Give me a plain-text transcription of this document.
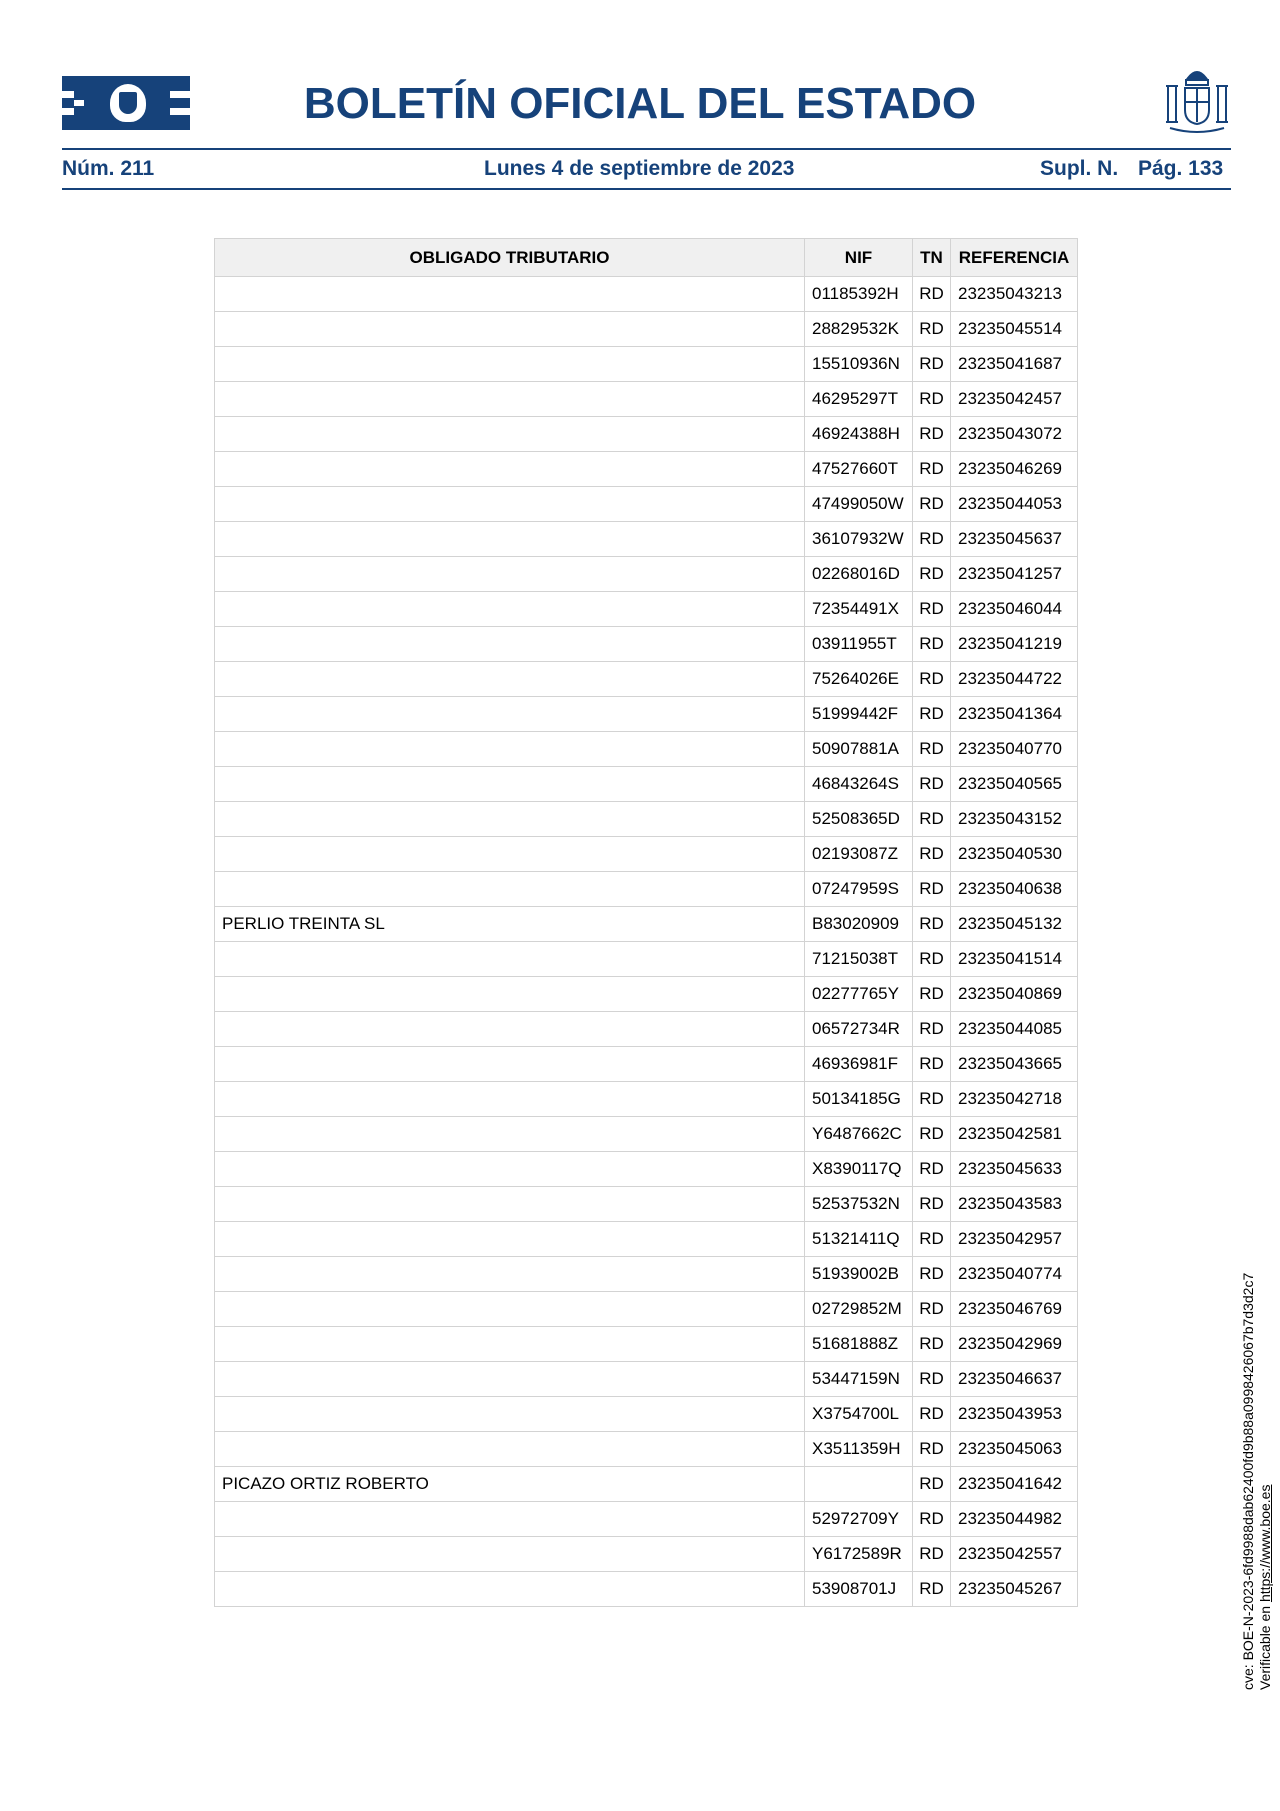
BOLETÍN OFICIAL DEL ESTADO
Núm. 211	Lunes 4 de septiembre de 2023	Supl. N. Pág. 133
OBLIGADO TRIBUTARIO	NIF	TN	REFERENCIA
	01185392H	RD	23235043213
	28829532K	RD	23235045514
	15510936N	RD	23235041687
	46295297T	RD	23235042457
	46924388H	RD	23235043072
	47527660T	RD	23235046269
	47499050W	RD	23235044053
	36107932W	RD	23235045637
	02268016D	RD	23235041257
	72354491X	RD	23235046044
	03911955T	RD	23235041219
	75264026E	RD	23235044722
	51999442F	RD	23235041364
	50907881A	RD	23235040770
	46843264S	RD	23235040565
	52508365D	RD	23235043152
	02193087Z	RD	23235040530
	07247959S	RD	23235040638
PERLIO TREINTA SL	B83020909	RD	23235045132
	71215038T	RD	23235041514
	02277765Y	RD	23235040869
	06572734R	RD	23235044085
	46936981F	RD	23235043665
	50134185G	RD	23235042718
	Y6487662C	RD	23235042581
	X8390117Q	RD	23235045633
	52537532N	RD	23235043583
	51321411Q	RD	23235042957
	51939002B	RD	23235040774
	02729852M	RD	23235046769
	51681888Z	RD	23235042969
	53447159N	RD	23235046637
	X3754700L	RD	23235043953
	X3511359H	RD	23235045063
PICAZO ORTIZ ROBERTO		RD	23235041642
	52972709Y	RD	23235044982
	Y6172589R	RD	23235042557
	53908701J	RD	23235045267	cve: BOE-N-2023-6fd9988dab62400fd9b88a0998426067b7d3d2c7 Verificable en https://www.boe.es
